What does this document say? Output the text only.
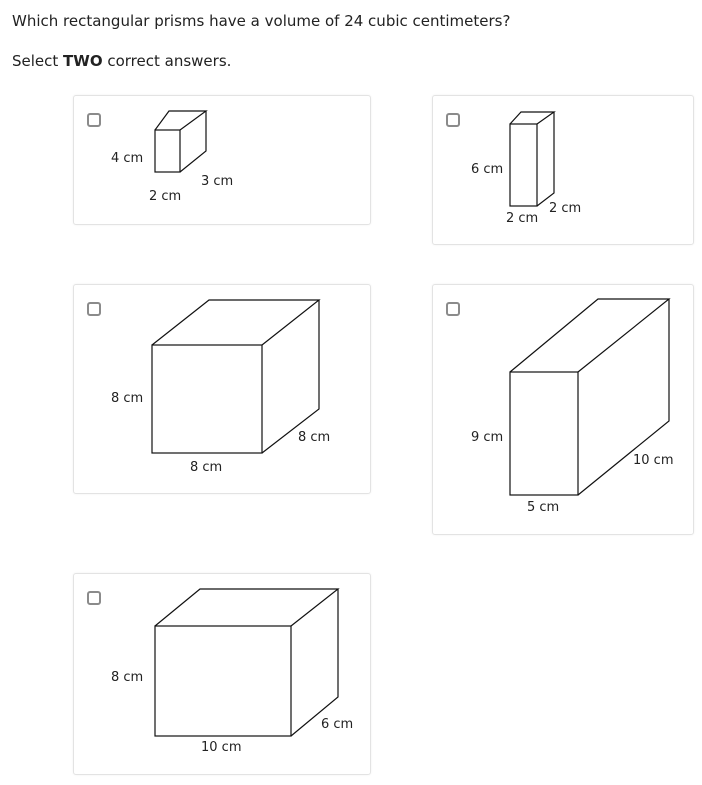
Which rectangular prisms have a volume of 24 cubic centimeters?
Select TWO correct answers.
4 cm
2 cm
3 cm
6 cm
2 cm
2 cm
8 cm
8 cm
8 cm	9 cm
5 cm
10 cm
8 cm
10 cm
6 cm
